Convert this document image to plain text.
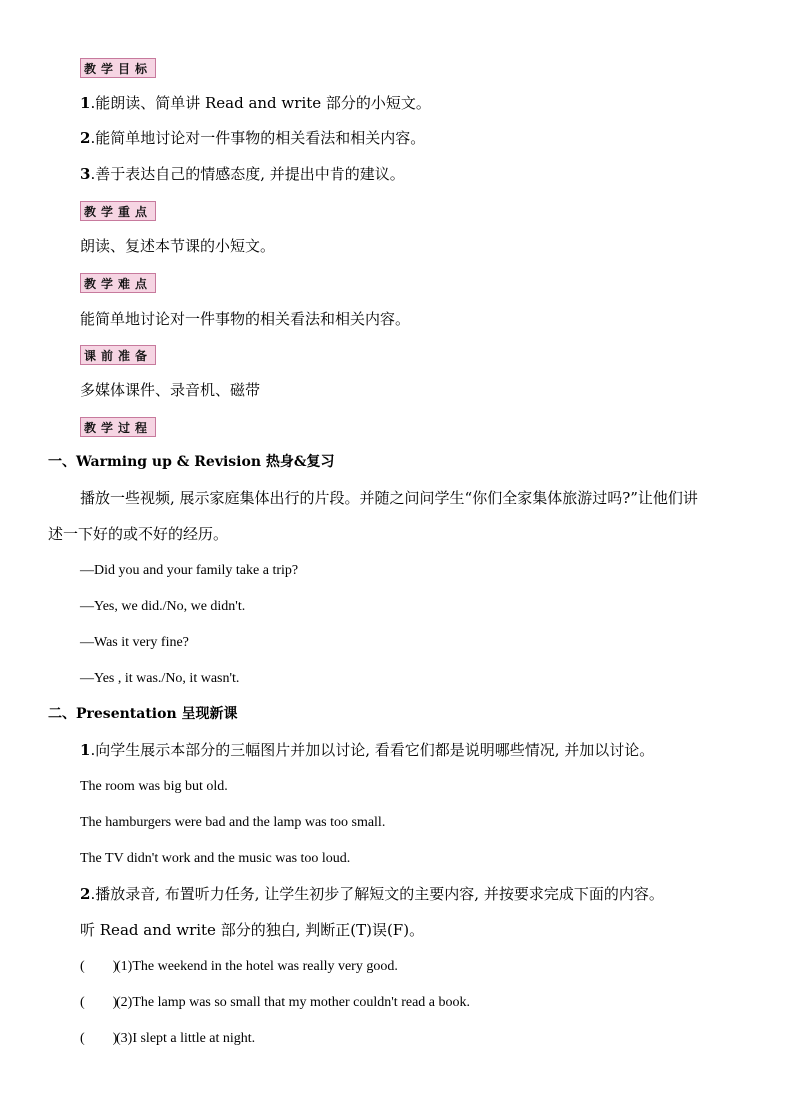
教学目标
1.能朗读、简单讲 Read and write 部分的小短文。
2.能简单地讨论对一件事物的相关看法和相关内容。
3.善于表达自己的情感态度, 并提出中肯的建议。
教学重点
朗读、复述本节课的小短文。
教学难点
能简单地讨论对一件事物的相关看法和相关内容。
课前准备
多媒体课件、录音机、磁带
教学过程
一、Warming up & Revision 热身&复习
播放一些视频, 展示家庭集体出行的片段。并随之问问学生“你们全家集体旅游过吗?”让他们讲
述一下好的或不好的经历。
—Did you and your family take a trip?
—Yes, we did./No, we didn't.
—Was it very fine?
—Yes , it was./No, it wasn't.
二、Presentation 呈现新课
1.向学生展示本部分的三幅图片并加以讨论, 看看它们都是说明哪些情况, 并加以讨论。
The room was big but old.
The hamburgers were bad and the lamp was too small.
The TV didn't work and the music was too loud.
2.播放录音, 布置听力任务, 让学生初步了解短文的主要内容, 并按要求完成下面的内容。
听 Read and write 部分的独白, 判断正(T)误(F)。
(　　)(1)The weekend in the hotel was really very good.
(　　)(2)The lamp was so small that my mother couldn't read a book.
(　　)(3)I slept a little at night.
